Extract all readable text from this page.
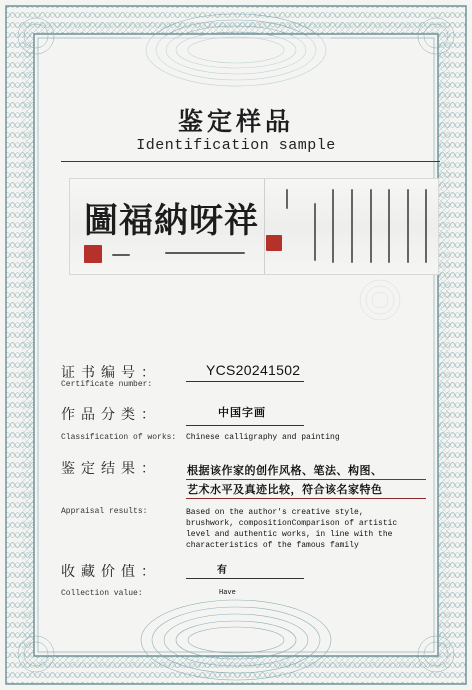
鉴定样品
Identification sample
圖福納呀祥
证书编号：
Certificate number:
YCS20241502
作品分类：
Classification of works:
中国字画
Chinese calligraphy and painting
鉴定结果： 根据该作家的创作风格、笔法、构图、
艺术水平及真迹比较，符合该名家特色
Appraisal results:	Based on the author's creative style, brushwork, compositionComparison of artistic level and authentic works, in line with the characteristics of the famous family
收藏价值：
Collection value:
有
Have
